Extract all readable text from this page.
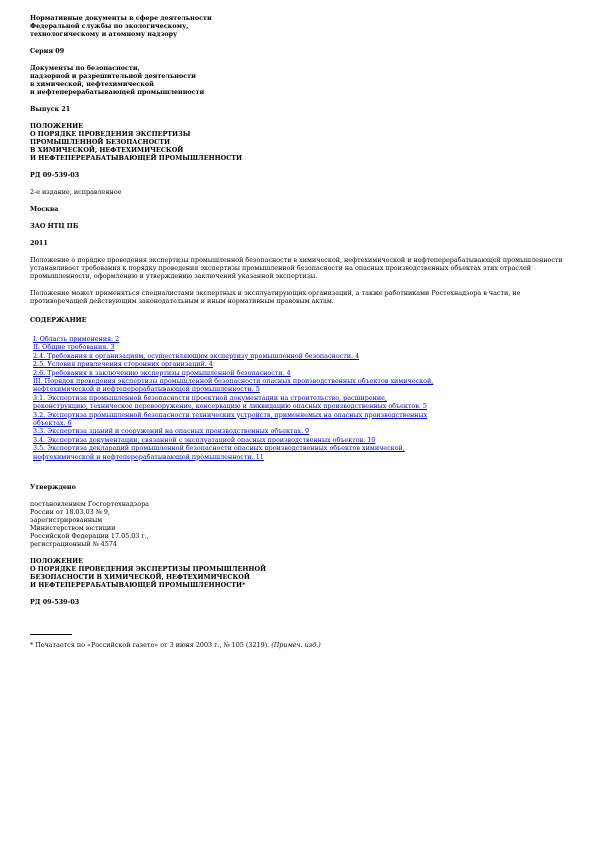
Нормативные документы в сфере деятельности
Федеральной службы по экологическому,
технологическому и атомному надзору

Серия 09

Документы по безопасности,
надзорной и разрешительной деятельности
в химической, нефтехимической
и нефтеперерабатывающей промышленности

Выпуск 21

ПОЛОЖЕНИЕ
О ПОРЯДКЕ ПРОВЕДЕНИЯ ЭКСПЕРТИЗЫ
ПРОМЫШЛЕННОЙ БЕЗОПАСНОСТИ
В ХИМИЧЕСКОЙ, НЕФТЕХИМИЧЕСКОЙ
И НЕФТЕПЕРЕРАБАТЫВАЮЩЕЙ ПРОМЫШЛЕННОСТИ

РД 09-539-03

2-е издание, исправленное

Москва

ЗАО НТЦ ПБ

2011

Положение о порядке проведения экспертизы промышленной безопасности в химической, нефтехимической и нефтеперерабатывающей промышленности устанавливает требования к порядку проведения экспертизы промышленной безопасности на опасных производственных объектах этих отраслей промышленности, оформлению и утверждению заключений указанной экспертизы.

Положение может применяться специалистами экспертных и эксплуатирующих организаций, а также работниками Ростехнадзора в части, не противоречащей действующим законодательным и иным нормативным правовым актам.

СОДЕРЖАНИЕ

I. Область применения. 2
II. Общие требования. 3
2.4. Требования к организациям, осуществляющим экспертизу промышленной безопасности. 4
2.5. Условия привлечения сторонних организаций. 4
2.6. Требования к заключению экспертизы промышленной безопасности. 4
III. Порядок проведения экспертизы промышленной безопасности опасных производственных объектов химической,
нефтехимической и нефтеперерабатывающей промышленности. 5
3.1. Экспертиза промышленной безопасности проектной документации на строительство, расширение,
реконструкцию, техническое перевооружение, консервацию и ликвидацию опасных производственных объектов. 5
3.2. Экспертиза промышленной безопасности технических устройств, применяемых на опасных производственных
объектах. 6
3.3. Экспертиза зданий и сооружений на опасных производственных объектах. 9
3.4. Экспертиза документации, связанной с эксплуатацией опасных производственных объектов. 10
3.5. Экспертиза деклараций промышленной безопасности опасных производственных объектов химической,
нефтехимической и нефтеперерабатывающей промышленности. 11

Утверждено

постановлением Госгортехнадзора
России от 18.03.03 № 9,
зарегистрированным
Министерством юстиции
Российской Федерации 17.05.03 г.,
регистрационный № 4574

ПОЛОЖЕНИЕ
О ПОРЯДКЕ ПРОВЕДЕНИЯ ЭКСПЕРТИЗЫ ПРОМЫШЛЕННОЙ
БЕЗОПАСНОСТИ В ХИМИЧЕСКОЙ, НЕФТЕХИМИЧЕСКОЙ
И НЕФТЕПЕРЕРАБАТЫВАЮЩЕЙ ПРОМЫШЛЕННОСТИ*

РД 09-539-03

* Печатается по «Российской газете» от 3 июня 2003 г., № 105 (3219). (Примеч. изд.)
